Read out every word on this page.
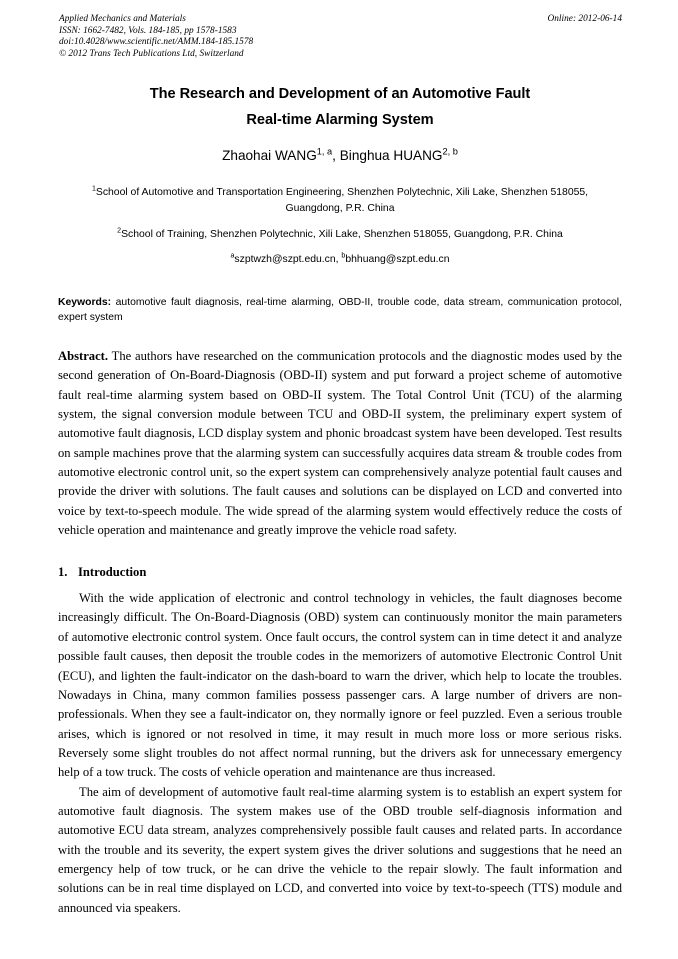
Applied Mechanics and Materials
ISSN: 1662-7482, Vols. 184-185, pp 1578-1583
doi:10.4028/www.scientific.net/AMM.184-185.1578
© 2012 Trans Tech Publications Ltd, Switzerland
Online: 2012-06-14
The Research and Development of an Automotive Fault
Real-time Alarming System
Zhaohai WANG$^{1, a}$, Binghua HUANG$^{2, b}$
$^1$School of Automotive and Transportation Engineering, Shenzhen Polytechnic, Xili Lake, Shenzhen 518055, Guangdong, P.R. China
$^2$School of Training, Shenzhen Polytechnic, Xili Lake, Shenzhen 518055, Guangdong, P.R. China
$^a$szptwzh@szpt.edu.cn, $^b$bhhuang@szpt.edu.cn
Keywords: automotive fault diagnosis, real-time alarming, OBD-II, trouble code, data stream, communication protocol, expert system
Abstract. The authors have researched on the communication protocols and the diagnostic modes used by the second generation of On-Board-Diagnosis (OBD-II) system and put forward a project scheme of automotive fault real-time alarming system based on OBD-II system. The Total Control Unit (TCU) of the alarming system, the signal conversion module between TCU and OBD-II system, the preliminary expert system of automotive fault diagnosis, LCD display system and phonic broadcast system have been developed. Test results on sample machines prove that the alarming system can successfully acquires data stream & trouble codes from automotive electronic control unit, so the expert system can comprehensively analyze potential fault causes and provide the driver with solutions. The fault causes and solutions can be displayed on LCD and converted into voice by text-to-speech module. The wide spread of the alarming system would effectively reduce the costs of vehicle operation and maintenance and greatly improve the vehicle road safety.
1. Introduction

With the wide application of electronic and control technology in vehicles, the fault diagnoses become increasingly difficult. The On-Board-Diagnosis (OBD) system can continuously monitor the main parameters of automotive electronic control system. Once fault occurs, the control system can in time detect it and analyze possible fault causes, then deposit the trouble codes in the memorizers of automotive Electronic Control Unit (ECU), and lighten the fault-indicator on the dash-board to warn the driver, which help to locate the troubles. Nowadays in China, many common families possess passenger cars. A large number of drivers are non-professionals. When they see a fault-indicator on, they normally ignore or feel puzzled. Even a serious trouble arises, which is ignored or not resolved in time, it may result in much more loss or more serious risks. Reversely some slight troubles do not affect normal running, but the drivers ask for unnecessary emergency help of a tow truck. The costs of vehicle operation and maintenance are thus increased.

The aim of development of automotive fault real-time alarming system is to establish an expert system for automotive fault diagnosis. The system makes use of the OBD trouble self-diagnosis information and automotive ECU data stream, analyzes comprehensively possible fault causes and related parts. In accordance with the trouble and its severity, the expert system gives the driver solutions and suggestions that he need an emergency help of tow truck, or he can drive the vehicle to the repair slowly. The fault information and solutions can be in real time displayed on LCD, and converted into voice by text-to-speech (TTS) module and announced via speakers.
